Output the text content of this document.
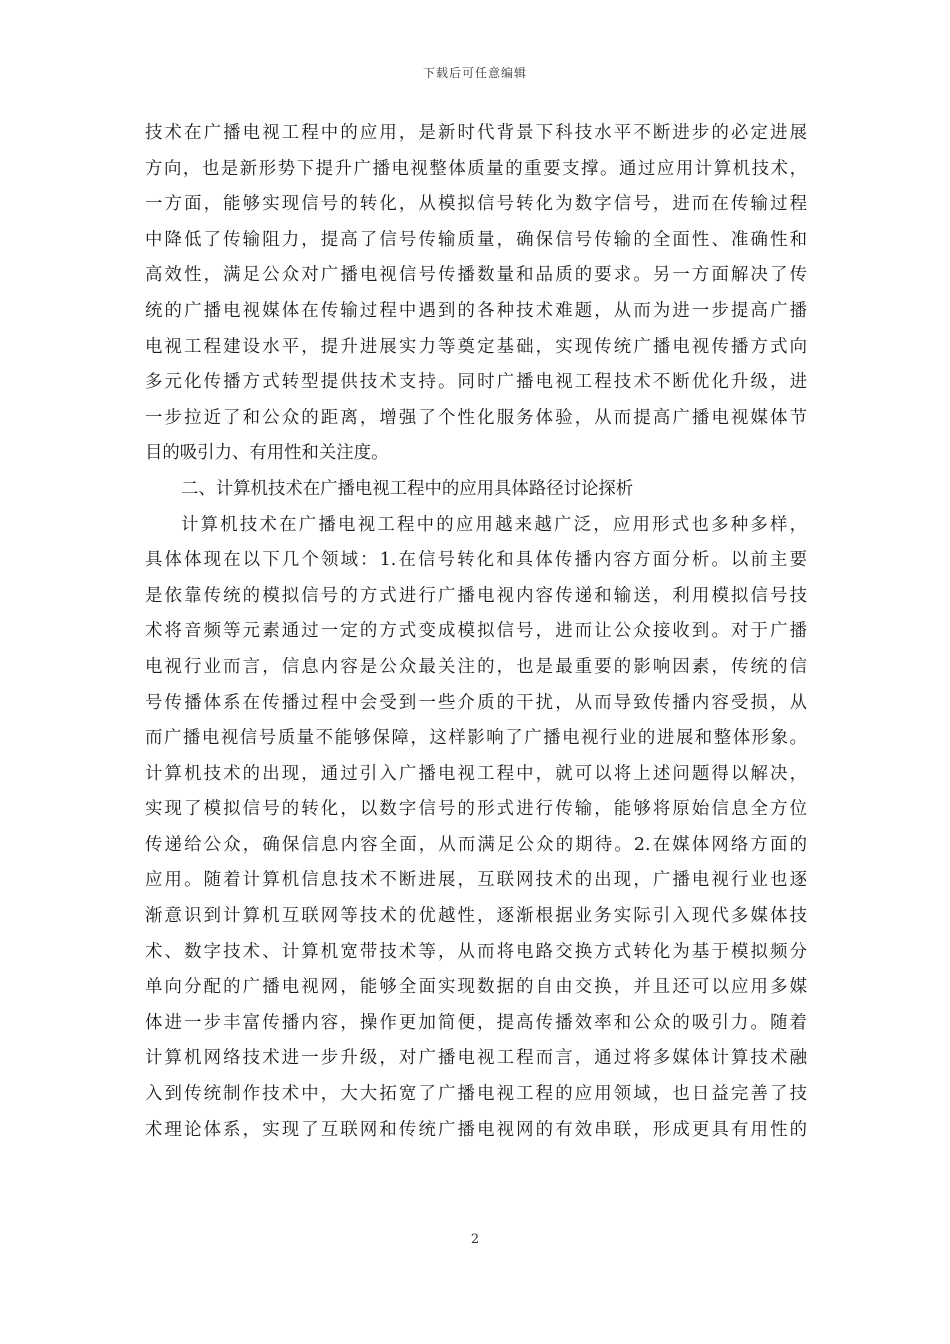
下载后可任意编辑
技术在广播电视工程中的应用，是新时代背景下科技水平不断进步的必定进展
方向，也是新形势下提升广播电视整体质量的重要支撑。通过应用计算机技术，
一方面，能够实现信号的转化，从模拟信号转化为数字信号，进而在传输过程
中降低了传输阻力，提高了信号传输质量，确保信号传输的全面性、准确性和
高效性，满足公众对广播电视信号传播数量和品质的要求。另一方面解决了传
统的广播电视媒体在传输过程中遇到的各种技术难题，从而为进一步提高广播
电视工程建设水平，提升进展实力等奠定基础，实现传统广播电视传播方式向
多元化传播方式转型提供技术支持。同时广播电视工程技术不断优化升级，进
一步拉近了和公众的距离，增强了个性化服务体验，从而提高广播电视媒体节
目的吸引力、有用性和关注度。
二、计算机技术在广播电视工程中的应用具体路径讨论探析
计算机技术在广播电视工程中的应用越来越广泛，应用形式也多种多样，
具体体现在以下几个领域：1.在信号转化和具体传播内容方面分析。以前主要
是依靠传统的模拟信号的方式进行广播电视内容传递和输送，利用模拟信号技
术将音频等元素通过一定的方式变成模拟信号，进而让公众接收到。对于广播
电视行业而言，信息内容是公众最关注的，也是最重要的影响因素，传统的信
号传播体系在传播过程中会受到一些介质的干扰，从而导致传播内容受损，从
而广播电视信号质量不能够保障，这样影响了广播电视行业的进展和整体形象。
计算机技术的出现，通过引入广播电视工程中，就可以将上述问题得以解决，
实现了模拟信号的转化，以数字信号的形式进行传输，能够将原始信息全方位
传递给公众，确保信息内容全面，从而满足公众的期待。2.在媒体网络方面的
应用。随着计算机信息技术不断进展，互联网技术的出现，广播电视行业也逐
渐意识到计算机互联网等技术的优越性，逐渐根据业务实际引入现代多媒体技
术、数字技术、计算机宽带技术等，从而将电路交换方式转化为基于模拟频分
单向分配的广播电视网，能够全面实现数据的自由交换，并且还可以应用多媒
体进一步丰富传播内容，操作更加简便，提高传播效率和公众的吸引力。随着
计算机网络技术进一步升级，对广播电视工程而言，通过将多媒体计算技术融
入到传统制作技术中，大大拓宽了广播电视工程的应用领域，也日益完善了技
术理论体系，实现了互联网和传统广播电视网的有效串联，形成更具有用性的
2
